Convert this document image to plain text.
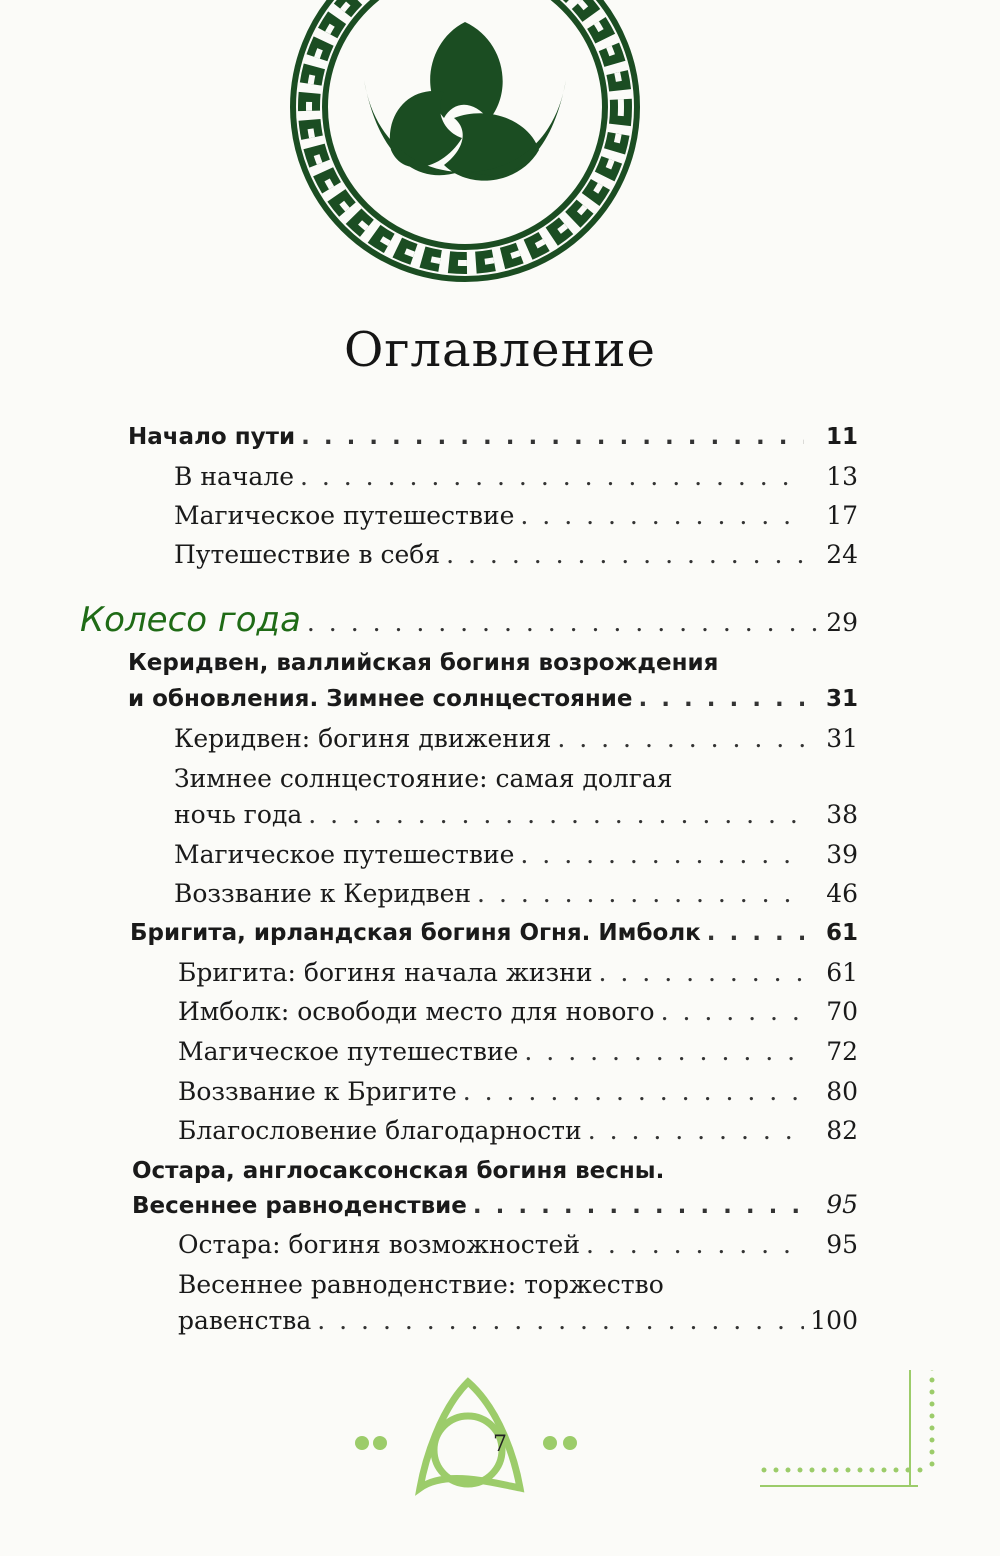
Оглавление
Начало пути . . .	11
В начале . . .	13
Магическое путешествие . . .	17
Путешествие в себя . . .	24
Колесо года . . .	29
Керидвен, валлийская богиня возрождения
и обновления. Зимнее солнцестояние . . .	31
Керидвен: богиня движения . . .	31
Зимнее солнцестояние: самая долгая
ночь года . . .	38
Магическое путешествие . . .	39
Воззвание к Керидвен . . .	46
Бригита, ирландская богиня Огня. Имболк . . .	61
Бригита: богиня начала жизни . . .	61
Имболк: освободи место для нового . . .	70
Магическое путешествие . . .	72
Воззвание к Бригите . . .	80
Благословение благодарности . . .	82
Остара, англосаксонская богиня весны.
Весеннее равноденствие . . .	95
Остара: богиня возможностей . . .	95
Весеннее равноденствие: торжество
равенства . . .	100
7
